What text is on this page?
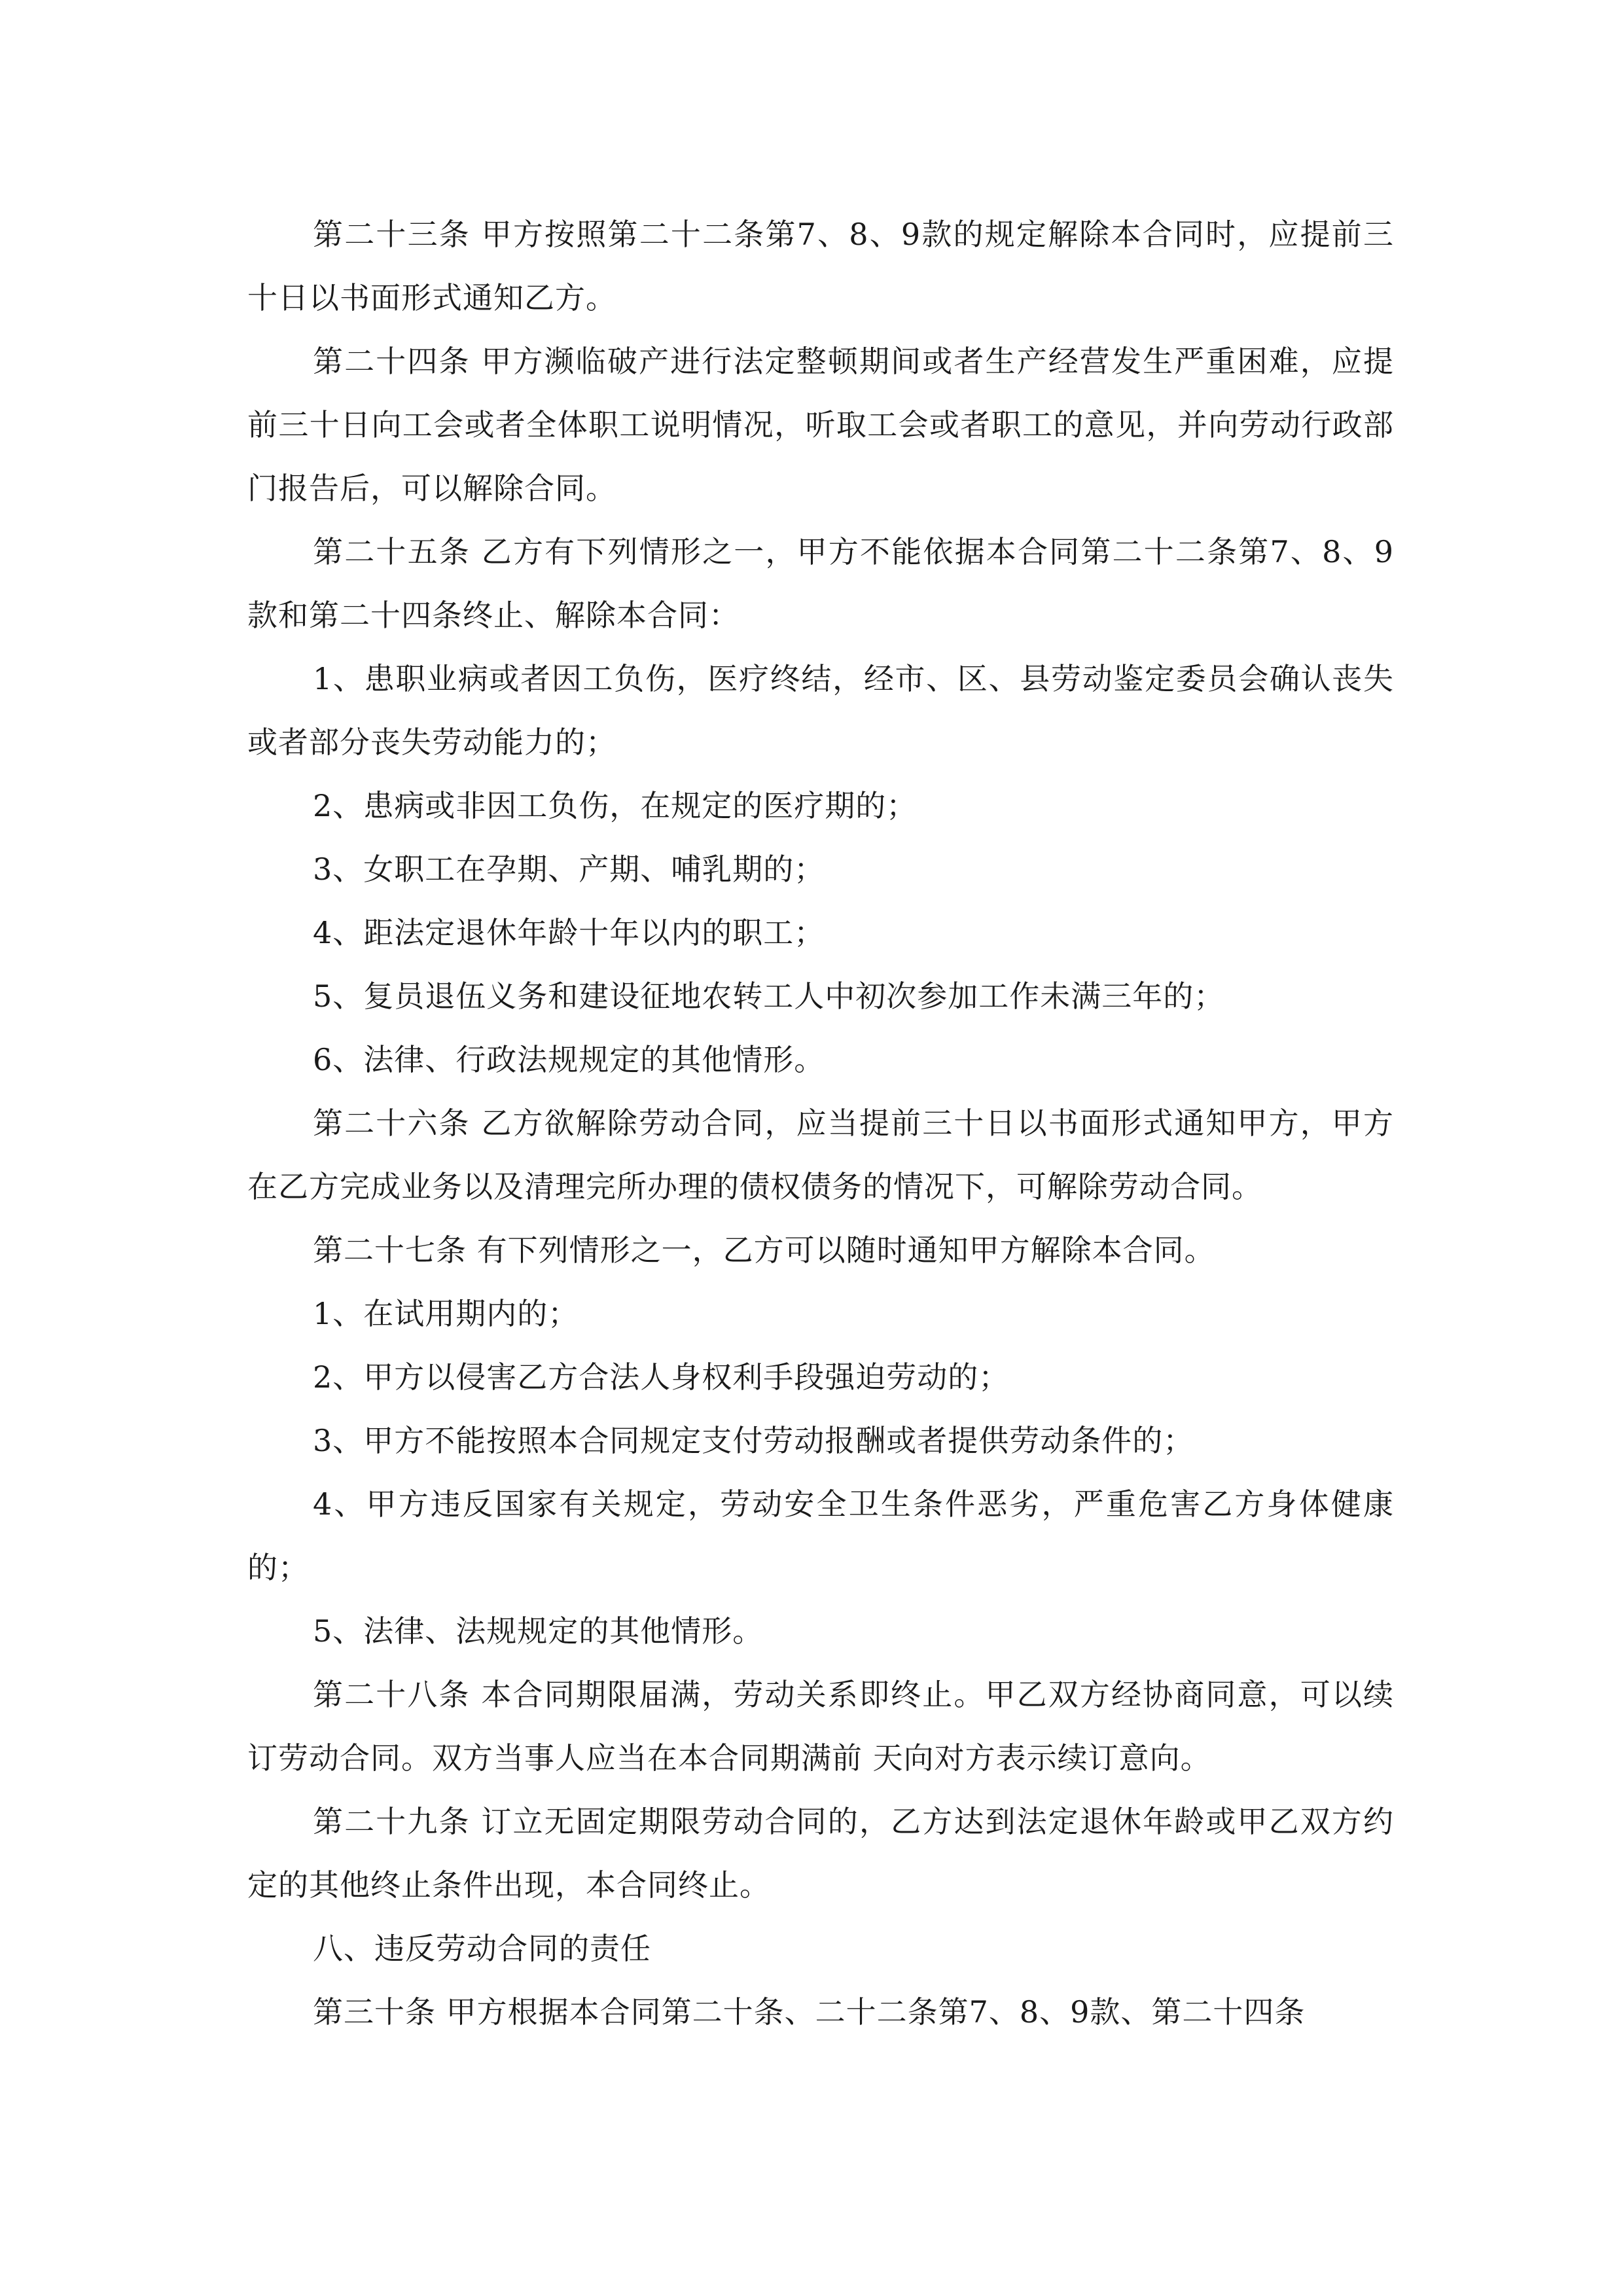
第二十三条 甲方按照第二十二条第7、8、9款的规定解除本合同时，应提前三十日以书面形式通知乙方。

第二十四条 甲方濒临破产进行法定整顿期间或者生产经营发生严重困难，应提前三十日向工会或者全体职工说明情况，听取工会或者职工的意见，并向劳动行政部门报告后，可以解除合同。

第二十五条 乙方有下列情形之一，甲方不能依据本合同第二十二条第7、8、9款和第二十四条终止、解除本合同：

1、患职业病或者因工负伤，医疗终结，经市、区、县劳动鉴定委员会确认丧失或者部分丧失劳动能力的；

2、患病或非因工负伤，在规定的医疗期的；

3、女职工在孕期、产期、哺乳期的；

4、距法定退休年龄十年以内的职工；

5、复员退伍义务和建设征地农转工人中初次参加工作未满三年的；

6、法律、行政法规规定的其他情形。

第二十六条 乙方欲解除劳动合同，应当提前三十日以书面形式通知甲方，甲方在乙方完成业务以及清理完所办理的债权债务的情况下，可解除劳动合同。

第二十七条 有下列情形之一，乙方可以随时通知甲方解除本合同。

1、在试用期内的；

2、甲方以侵害乙方合法人身权利手段强迫劳动的；

3、甲方不能按照本合同规定支付劳动报酬或者提供劳动条件的；

4、甲方违反国家有关规定，劳动安全卫生条件恶劣，严重危害乙方身体健康的；

5、法律、法规规定的其他情形。

第二十八条 本合同期限届满，劳动关系即终止。甲乙双方经协商同意，可以续订劳动合同。双方当事人应当在本合同期满前 天向对方表示续订意向。

第二十九条 订立无固定期限劳动合同的，乙方达到法定退休年龄或甲乙双方约定的其他终止条件出现，本合同终止。

八、违反劳动合同的责任

第三十条 甲方根据本合同第二十条、二十二条第7、8、9款、第二十四条
